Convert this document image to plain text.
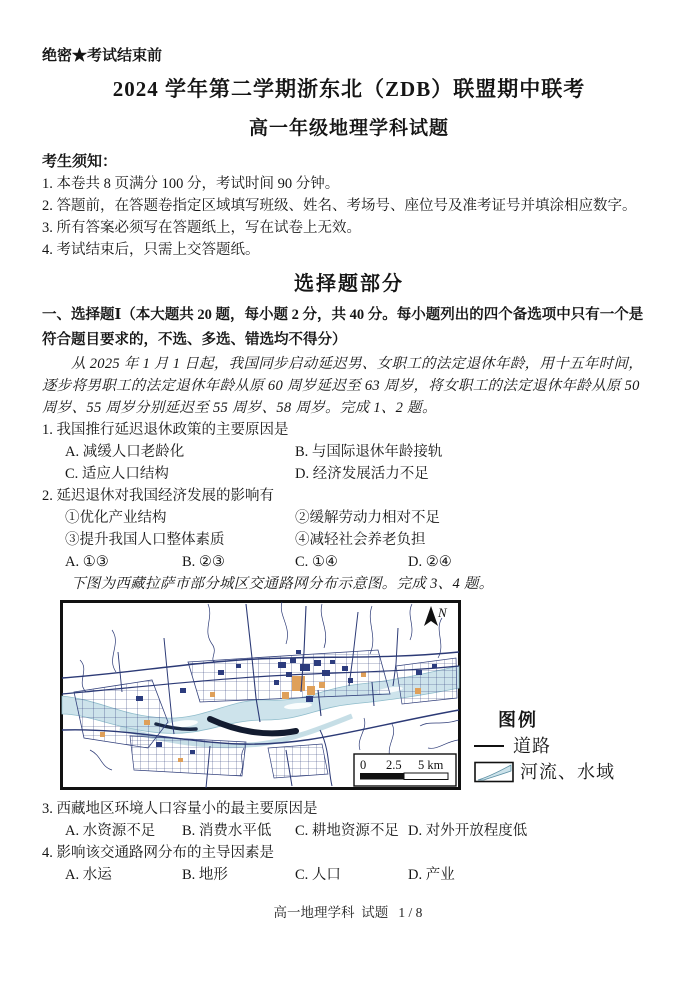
绝密★考试结束前
2024 学年第二学期浙东北（ZDB）联盟期中联考
高一年级地理学科试题
考生须知：
1. 本卷共 8 页满分 100 分，考试时间 90 分钟。
2. 答题前，在答题卷指定区域填写班级、姓名、考场号、座位号及准考证号并填涂相应数字。
3. 所有答案必须写在答题纸上，写在试卷上无效。
4. 考试结束后，只需上交答题纸。
选择题部分
一、选择题Ⅰ（本大题共 20 题，每小题 2 分，共 40 分。每小题列出的四个备选项中只有一个是符合题目要求的，不选、多选、错选均不得分）
从 2025 年 1 月 1 日起，我国同步启动延迟男、女职工的法定退休年龄，用十五年时间，逐步将男职工的法定退休年龄从原 60 周岁延迟至 63 周岁，将女职工的法定退休年龄从原 50 周岁、55 周岁分别延迟至 55 周岁、58 周岁。完成 1、2 题。
1. 我国推行延迟退休政策的主要原因是
A. 减缓人口老龄化	B. 与国际退休年龄接轨
C. 适应人口结构	D. 经济发展活力不足
2. 延迟退休对我国经济发展的影响有
①优化产业结构	②缓解劳动力相对不足
③提升我国人口整体素质	④减轻社会养老负担
A. ①③	B. ②③	C. ①④	D. ②④
下图为西藏拉萨市部分城区交通路网分布示意图。完成 3、4 题。
N
0 2.5 5 km
图例
道路
河流、水域
3. 西藏地区环境人口容量小的最主要原因是
A. 水资源不足	B. 消费水平低	C. 耕地资源不足 D. 对外开放程度低
4. 影响该交通路网分布的主导因素是
A. 水运	B. 地形	C. 人口	D. 产业
高一地理学科  试题   1 / 8
